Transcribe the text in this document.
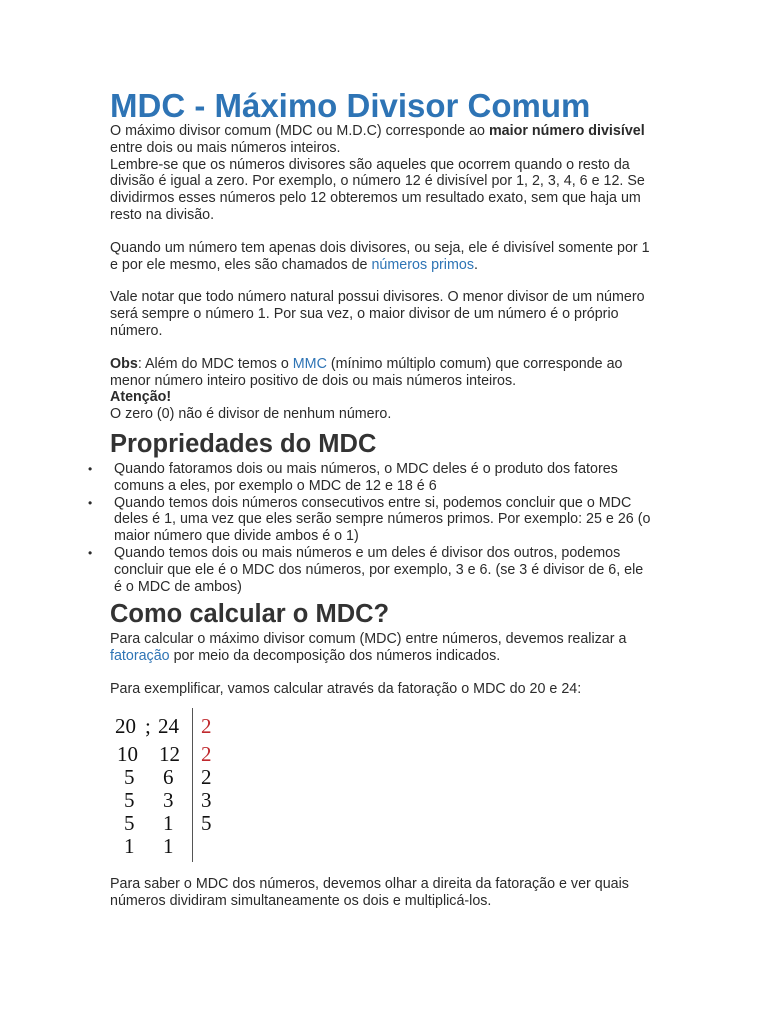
MDC - Máximo Divisor Comum

O máximo divisor comum (MDC ou M.D.C) corresponde ao maior número divisível entre dois ou mais números inteiros.

Lembre-se que os números divisores são aqueles que ocorrem quando o resto da divisão é igual a zero. Por exemplo, o número 12 é divisível por 1, 2, 3, 4, 6 e 12. Se dividirmos esses números pelo 12 obteremos um resultado exato, sem que haja um resto na divisão.

Quando um número tem apenas dois divisores, ou seja, ele é divisível somente por 1 e por ele mesmo, eles são chamados de números primos.

Vale notar que todo número natural possui divisores. O menor divisor de um número será sempre o número 1. Por sua vez, o maior divisor de um número é o próprio número.

Obs: Além do MDC temos o MMC (mínimo múltiplo comum) que corresponde ao menor número inteiro positivo de dois ou mais números inteiros.

Atenção!

O zero (0) não é divisor de nenhum número.

Propriedades do MDC
• Quando fatoramos dois ou mais números, o MDC deles é o produto dos fatores comuns a eles, por exemplo o MDC de 12 e 18 é 6
• Quando temos dois números consecutivos entre si, podemos concluir que o MDC deles é 1, uma vez que eles serão sempre números primos. Por exemplo: 25 e 26 (o maior número que divide ambos é o 1)
• Quando temos dois ou mais números e um deles é divisor dos outros, podemos concluir que ele é o MDC dos números, por exemplo, 3 e 6. (se 3 é divisor de 6, ele é o MDC de ambos)
Como calcular o MDC?

Para calcular o máximo divisor comum (MDC) entre números, devemos realizar a fatoração por meio da decomposição dos números indicados.

Para exemplificar, vamos calcular através da fatoração o MDC do 20 e 24:

20 ; 24 2
10 12 2
5 6 2
5 3 3
5 1 5
1 1

Para saber o MDC dos números, devemos olhar a direita da fatoração e ver quais números dividiram simultaneamente os dois e multiplicá-los.
